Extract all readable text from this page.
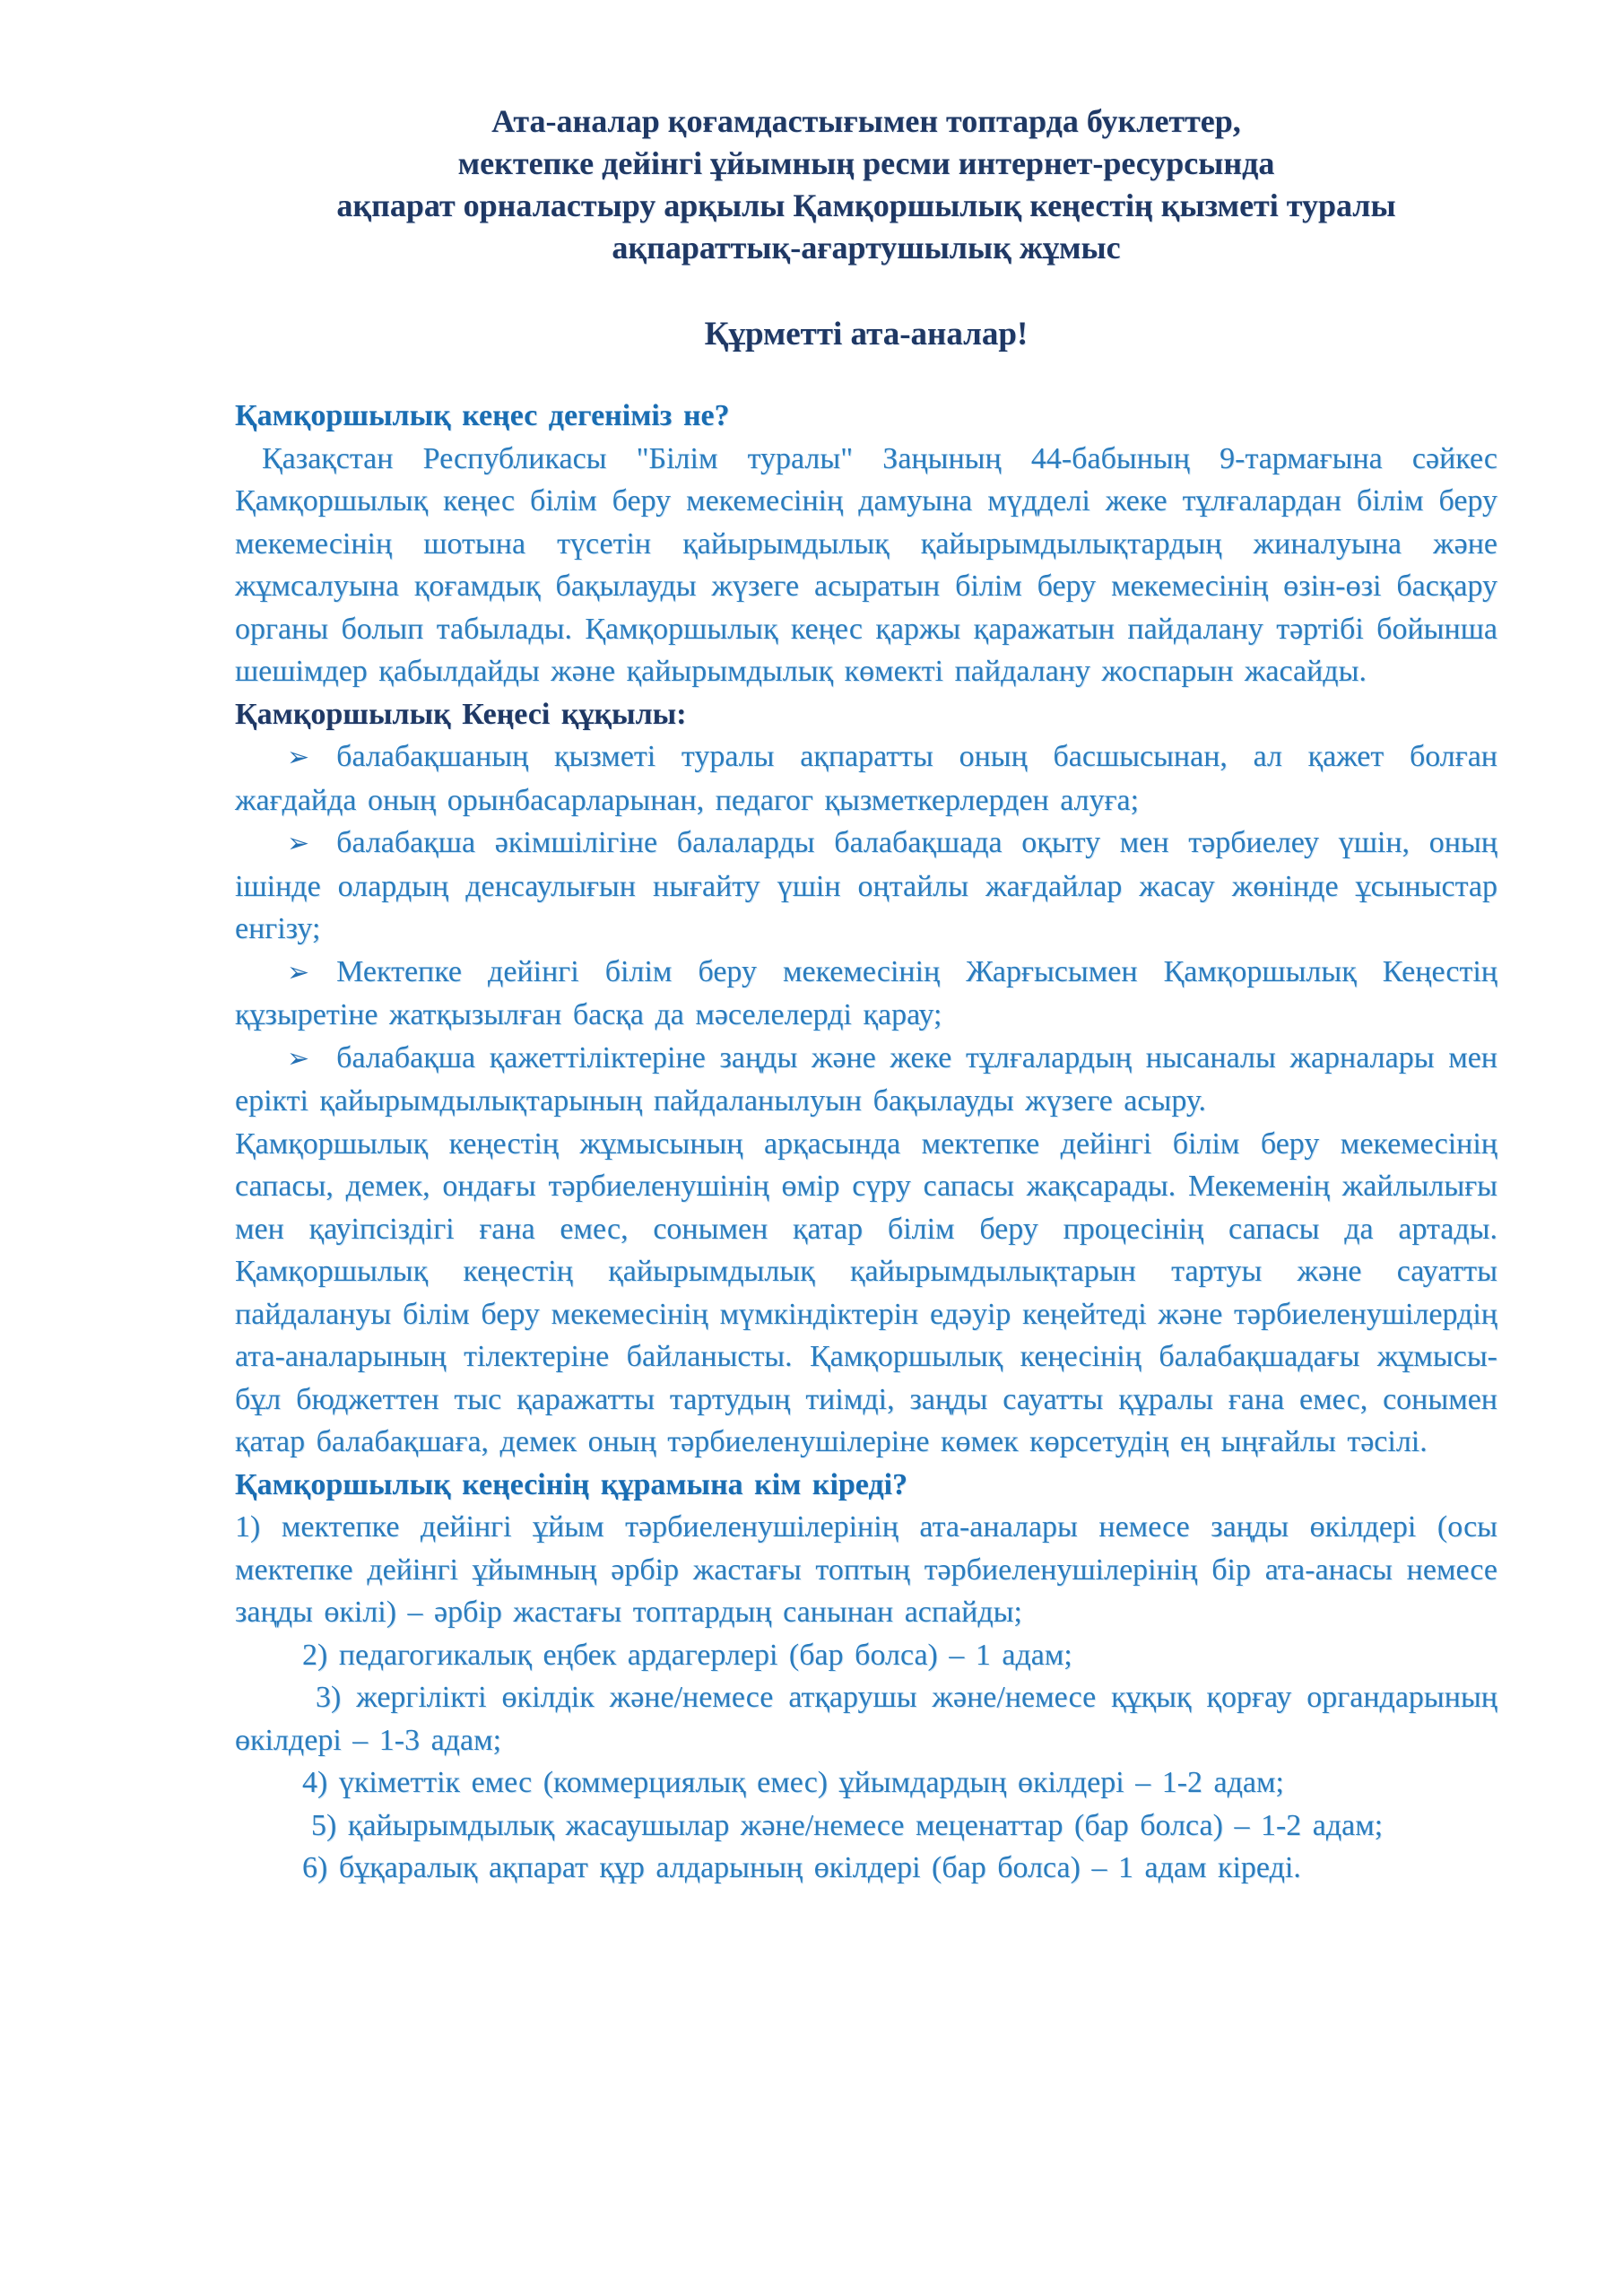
Ата-аналар қоғамдастығымен топтарда буклеттер,
мектепке дейінгі ұйымның ресми интернет-ресурсында
ақпарат орналастыру арқылы Қамқоршылық кеңестің қызметі туралы
ақпараттық-ағартушылық жұмыс
Құрметті ата-аналар!
Қамқоршылық кеңес дегеніміз не?

Қазақстан Республикасы "Білім туралы" Заңының 44-бабының 9-тармағына сәйкес Қамқоршылық кеңес білім беру мекемесінің дамуына мүдделі жеке тұлғалардан білім беру мекемесінің шотына түсетін қайырымдылық қайырымдылықтардың жиналуына және жұмсалуына қоғамдық бақылауды жүзеге асыратын білім беру мекемесінің өзін-өзі басқару органы болып табылады. Қамқоршылық кеңес қаржы қаражатын пайдалану тәртібі бойынша шешімдер қабылдайды және қайырымдылық көмекті пайдалану жоспарын жасайды.

Қамқоршылық Кеңесі құқылы:

➢ балабақшаның қызметі туралы ақпаратты оның басшысынан, ал қажет болған жағдайда оның орынбасарларынан, педагог қызметкерлерден алуға;

➢ балабақша әкімшілігіне балаларды балабақшада оқыту мен тәрбиелеу үшін, оның ішінде олардың денсаулығын нығайту үшін оңтайлы жағдайлар жасау жөнінде ұсыныстар енгізу;

➢ Мектепке дейінгі білім беру мекемесінің Жарғысымен Қамқоршылық Кеңестің құзыретіне жатқызылған басқа да мәселелерді қарау;

➢ балабақша қажеттіліктеріне заңды және жеке тұлғалардың нысаналы жарналары мен ерікті қайырымдылықтарының пайдаланылуын бақылауды жүзеге асыру.

Қамқоршылық кеңестің жұмысының арқасында мектепке дейінгі білім беру мекемесінің сапасы, демек, ондағы тәрбиеленушінің өмір сүру сапасы жақсарады. Мекеменің жайлылығы мен қауіпсіздігі ғана емес, сонымен қатар білім беру процесінің сапасы да артады. Қамқоршылық кеңестің қайырымдылық қайырымдылықтарын тартуы және сауатты пайдалануы білім беру мекемесінің мүмкіндіктерін едәуір кеңейтеді және тәрбиеленушілердің ата-аналарының тілектеріне байланысты. Қамқоршылық кеңесінің балабақшадағы жұмысы-бұл бюджеттен тыс қаражатты тартудың тиімді, заңды сауатты құралы ғана емес, сонымен қатар балабақшаға, демек оның тәрбиеленушілеріне көмек көрсетудің ең ыңғайлы тәсілі.

Қамқоршылық кеңесінің құрамына кім кіреді?

1) мектепке дейінгі ұйым тәрбиеленушілерінің ата-аналары немесе заңды өкілдері (осы мектепке дейінгі ұйымның әрбір жастағы топтың тәрбиеленушілерінің бір ата-анасы немесе заңды өкілі) – әрбір жастағы топтардың санынан аспайды;

2) педагогикалық еңбек ардагерлері (бар болса) – 1 адам;

3) жергілікті өкілдік және/немесе атқарушы және/немесе құқық қорғау органдарының өкілдері – 1-3 адам;

4) үкіметтік емес (коммерциялық емес) ұйымдардың өкілдері – 1-2 адам;

5) қайырымдылық жасаушылар және/немесе меценаттар (бар болса) – 1-2 адам;

6) бұқаралық ақпарат құр алдарының өкілдері (бар болса) – 1 адам кіреді.
